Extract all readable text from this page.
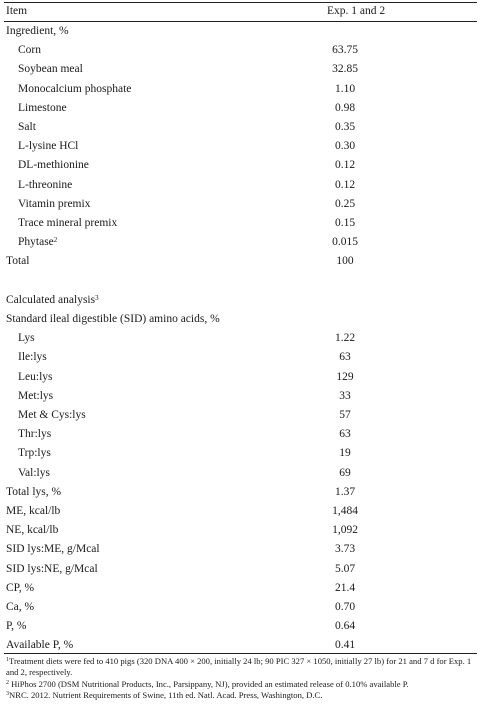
Item	Exp. 1 and 2
Ingredient, %
Corn	63.75
Soybean meal	32.85
Monocalcium phosphate	1.10
Limestone	0.98
Salt	0.35
L-lysine HCl	0.30
DL-methionine	0.12
L-threonine	0.12
Vitamin premix	0.25
Trace mineral premix	0.15
Phytase$^2$	0.015
Total	100
Calculated analysis$^3$
Standard ileal digestible (SID) amino acids, %
Lys	1.22
Ile:lys	63
Leu:lys	129
Met:lys	33
Met & Cys:lys	57
Thr:lys	63
Trp:lys	19
Val:lys	69
Total lys, %	1.37
ME, kcal/lb	1,484
NE, kcal/lb	1,092
SID lys:ME, g/Mcal	3.73
SID lys:NE, g/Mcal	5.07
CP, %	21.4
Ca, %	0.70
P, %	0.64
Available P, %	0.41

$^1$Treatment diets were fed to 410 pigs (320 DNA 400 × 200, initially 24 lb; 90 PIC 327 × 1050, initially 27 lb) for 21 and 7 d for Exp. 1 and 2, respectively.

$^2$ HiPhos 2700 (DSM Nutritional Products, Inc., Parsippany, NJ), provided an estimated release of 0.10% available P.

$^3$NRC. 2012. Nutrient Requirements of Swine, 11th ed. Natl. Acad. Press, Washington, D.C.
